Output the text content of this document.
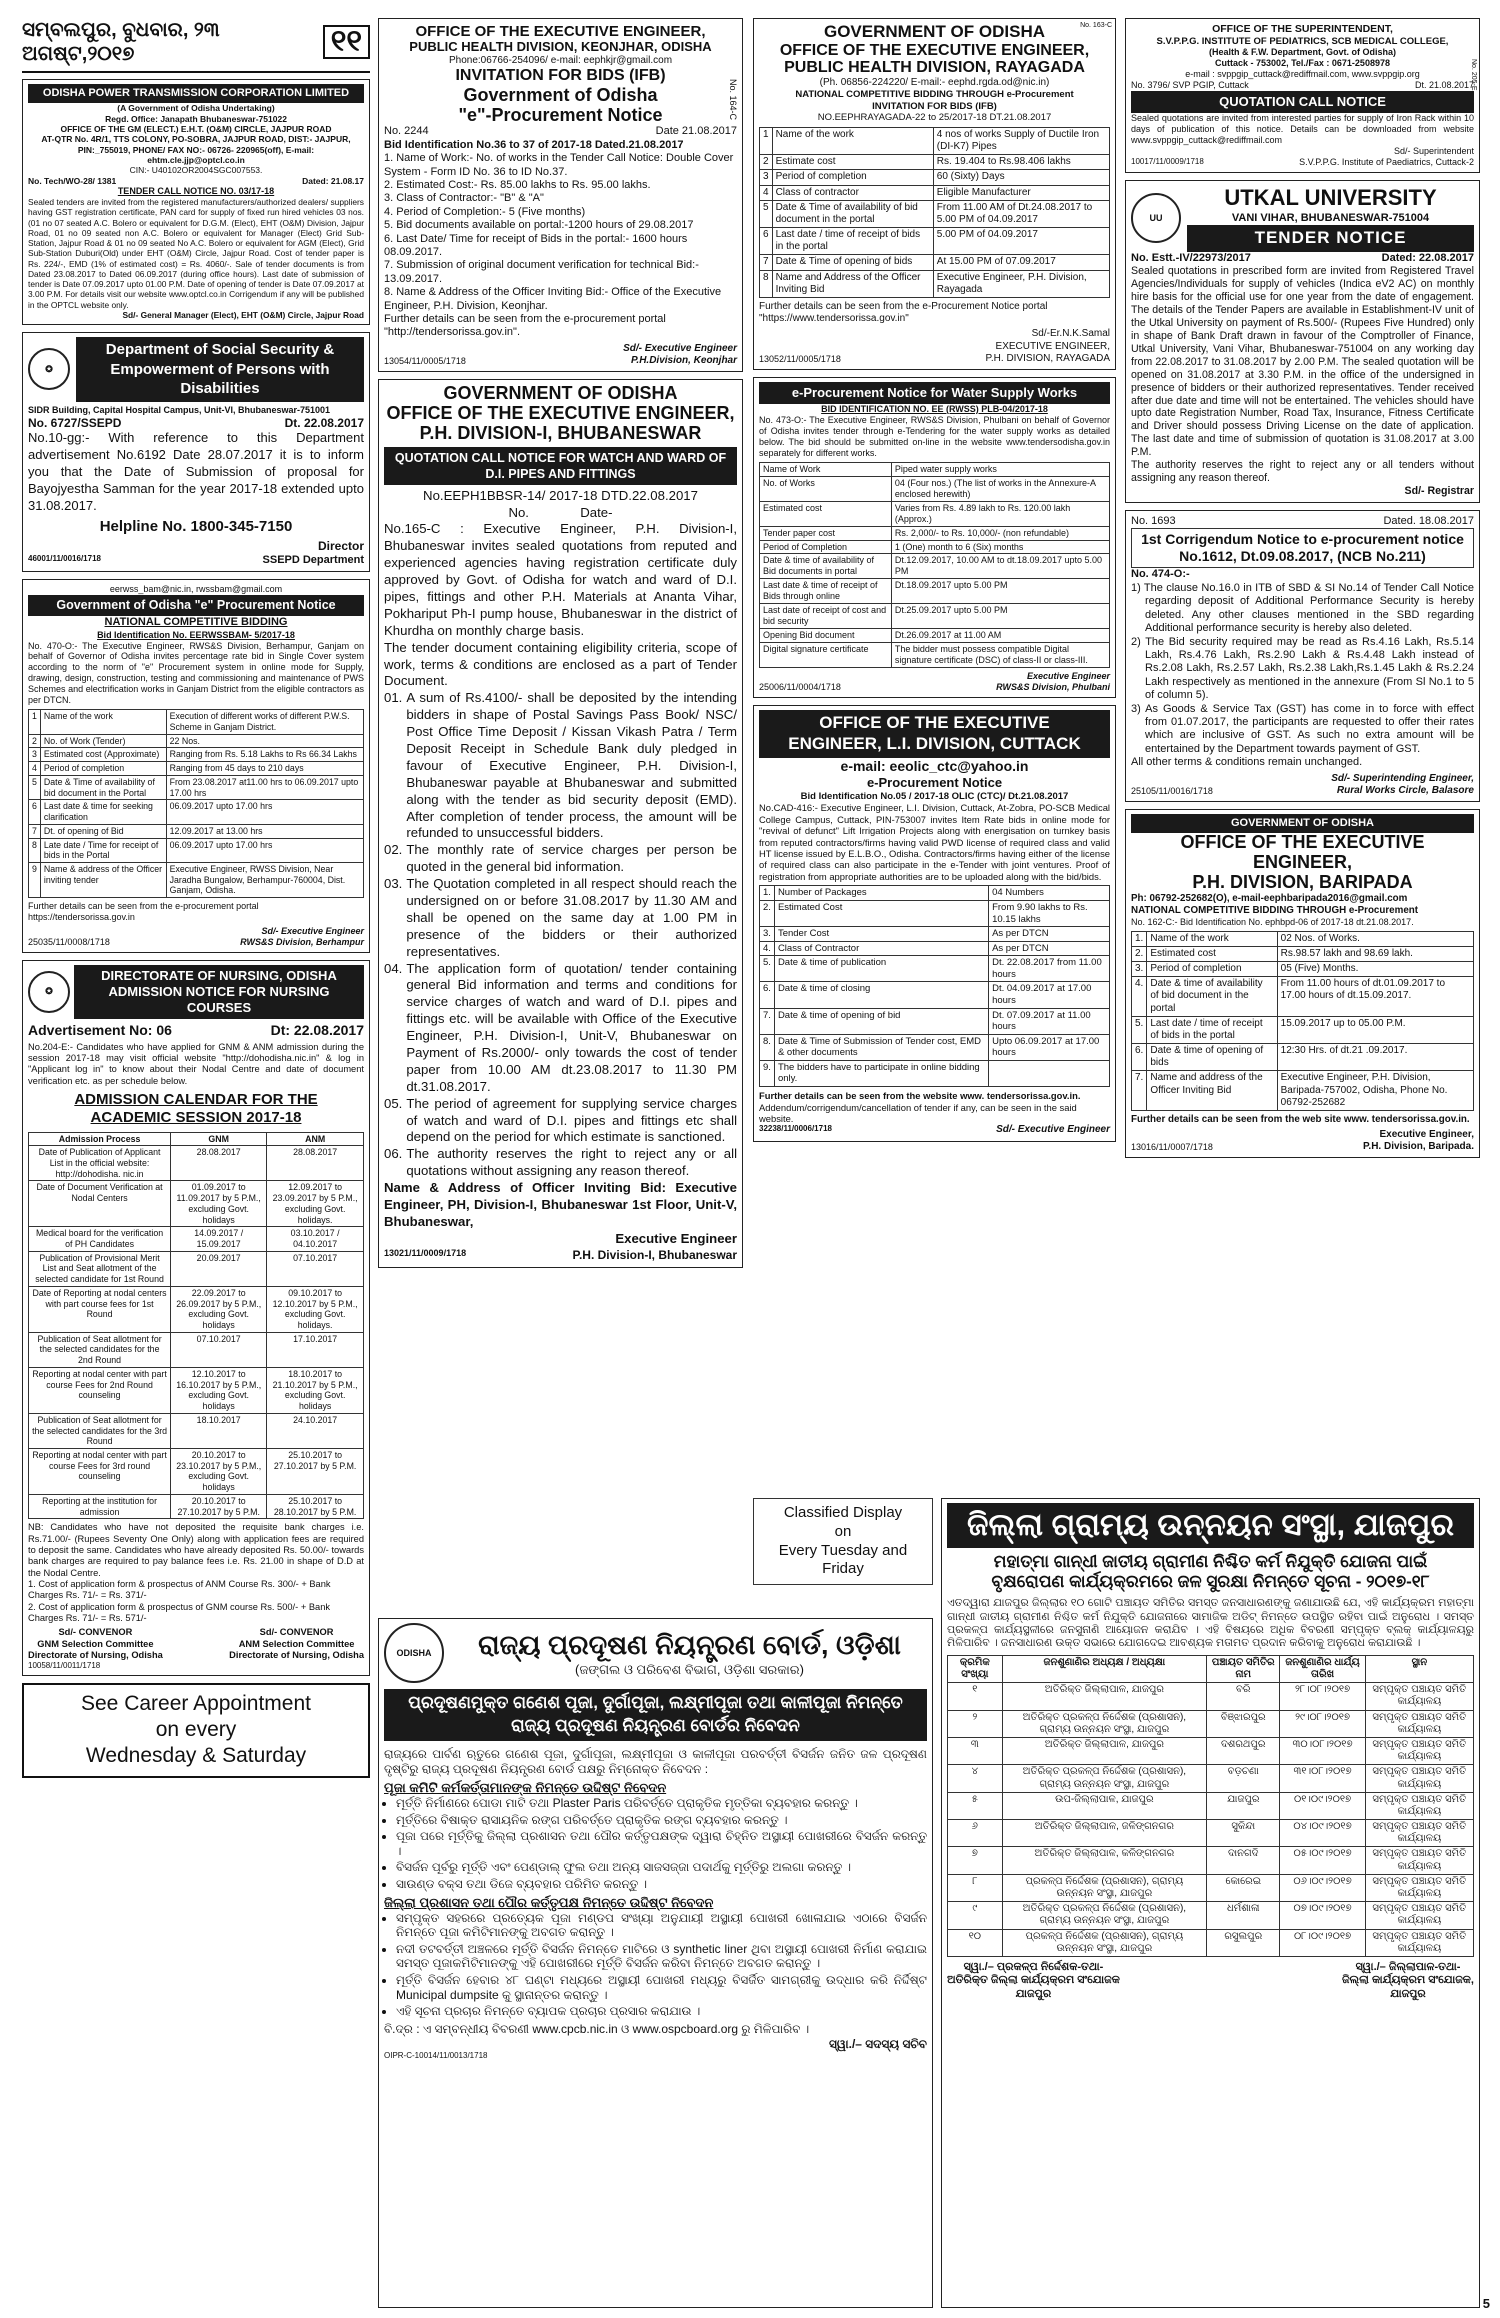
ସମ୍ବଲପୁର, ବୁଧବାର, ୨୩ ଅଗଷ୍ଟ,୨୦୧୭	୧୧
ODISHA POWER TRANSMISSION CORPORATION LIMITED
(A Government of Odisha Undertaking)
Regd. Office: Janapath Bhubaneswar-751022
OFFICE OF THE GM (ELECT.) E.H.T. (O&M) CIRCLE, JAJPUR ROAD
AT-QTR No. 4R/1, TTS COLONY, PO-SOBRA, JAJPUR ROAD, DIST:- JAJPUR,
PIN:_755019, PHONE/ FAX NO:- 06726- 220965(off), E-mail: ehtm.cle.jjp@optcl.co.in
CIN:- U40102OR2004SGC007553.
No. Tech/WO-28/ 1381	Dated: 21.08.17
TENDER CALL NOTICE NO. 03/17-18
Sealed tenders are invited from the registered manufacturers/authorized dealers/ suppliers having GST registration certificate, PAN card for supply of fixed run hired vehicles 03 nos. (01 no 07 seated A.C. Bolero or equivalent for D.G.M. (Elect), EHT (O&M) Division, Jajpur Road, 01 no 09 seated non A.C. Bolero or equivalent for Manager (Elect) Grid Sub-Station, Jajpur Road & 01 no 09 seated No A.C. Bolero or equivalent for AGM (Elect), Grid Sub-Station Duburi(Old) under EHT (O&M) Circle, Jajpur Road. Cost of tender paper is Rs. 224/-, EMD (1% of estimated cost) = Rs. 4060/-. Sale of tender documents is from Dated 23.08.2017 to Dated 06.09.2017 (during office hours). Last date of submission of tender is Date 07.09.2017 upto 01.00 P.M. Date of opening of tender is Date 07.09.2017 at 3.00 P.M. For details visit our website www.optcl.co.in Corrigendum if any will be published in the OPTCL website only.
Sd/- General Manager (Elect), EHT (O&M) Circle, Jajpur Road
✪
Department of Social Security &
Empowerment of Persons with Disabilities
SIDR Building, Capital Hospital Campus, Unit-VI, Bhubaneswar-751001
No. 6727/SSEPD	Dt. 22.08.2017
No.10-gg:- With reference to this Department advertisement No.6192 Date 28.07.2017 it is to inform you that the Date of Submission of proposal for Bayojyestha Samman for the year 2017-18 extended upto 31.08.2017.
Helpline No. 1800-345-7150
Director
46001/11/0016/1718	SSEPD Department
eerwss_bam@nic.in, rwssbam@gmail.com
Government of Odisha "e" Procurement Notice
NATIONAL COMPETITIVE BIDDING
Bid Identification No. EERWSSBAM- 5/2017-18
No. 470-O:- The Executive Engineer, RWS&S Division, Berhampur, Ganjam on behalf of Governor of Odisha invites percentage rate bid in Single Cover system according to the norm of "e" Procurement system in online mode for Supply, drawing, design, construction, testing and commissioning and maintenance of PWS Schemes and electrification works in Ganjam District from the eligible contractors as per DTCN.
1	Name of the work	Execution of different works of different P.W.S. Scheme in Ganjam District.
2	No. of Work (Tender)	22 Nos.
3	Estimated cost (Approximate)	Ranging from Rs. 5.18 Lakhs to Rs 66.34 Lakhs
4	Period of completion	Ranging from 45 days to 210 days
5	Date & Time of availability of bid document in the Portal	From 23.08.2017 at11.00 hrs to 06.09.2017 upto 17.00 hrs
6	Last date & time for seeking clarification	06.09.2017 upto 17.00 hrs
7	Dt. of opening of Bid	12.09.2017 at 13.00 hrs
8	Late date / Time for receipt of bids in the Portal	06.09.2017 upto 17.00 hrs
9	Name & address of the Officer inviting tender	Executive Engineer, RWSS Division, Near Jaradha Bungalow, Berhampur-760004, Dist. Ganjam, Odisha.
Further details can be seen from the e-procurement portal https://tendersorissa.gov.in
25035/11/0008/1718
Sd/- Executive Engineer
RWS&S Division, Berhampur
✪
DIRECTORATE OF NURSING, ODISHA
ADMISSION NOTICE FOR NURSING COURSES
Advertisement No: 06	Dt: 22.08.2017
No.204-E:- Candidates who have applied for GNM & ANM admission during the session 2017-18 may visit official website "http://dohodisha.nic.in" & log in "Applicant log in" to know about their Nodal Centre and date of document verification etc. as per schedule below.
ADMISSION CALENDAR FOR THE ACADEMIC SESSION 2017-18
Admission Process	GNM	ANM
Date of Publication of Applicant List in the official website: http://dohodisha. nic.in	28.08.2017	28.08.2017
Date of Document Verification at Nodal Centers	01.09.2017 to 11.09.2017 by 5 P.M., excluding Govt. holidays	12.09.2017 to 23.09.2017 by 5 P.M., excluding Govt. holidays.
Medical board for the verification of PH Candidates	14.09.2017 / 15.09.2017	03.10.2017 / 04.10.2017
Publication of Provisional Merit List and Seat allotment of the selected candidate for 1st Round	20.09.2017	07.10.2017
Date of Reporting at nodal centers with part course fees for 1st Round	22.09.2017 to 26.09.2017 by 5 P.M., excluding Govt. holidays	09.10.2017 to 12.10.2017 by 5 P.M., excluding Govt. holidays.
Publication of Seat allotment for the selected candidates for the 2nd Round	07.10.2017	17.10.2017
Reporting at nodal center with part course Fees for 2nd Round counseling	12.10.2017 to 16.10.2017 by 5 P.M., excluding Govt. holidays	18.10.2017 to 21.10.2017 by 5 P.M., excluding Govt. holidays
Publication of Seat allotment for the selected candidates for the 3rd Round	18.10.2017	24.10.2017
Reporting at nodal center with part course Fees for 3rd round counseling	20.10.2017 to 23.10.2017 by 5 P.M., excluding Govt. holidays	25.10.2017 to 27.10.2017 by 5 P.M.
Reporting at the institution for admission	20.10.2017 to 27.10.2017 by 5 P.M.	25.10.2017 to 28.10.2017 by 5 P.M.
NB: Candidates who have not deposited the requisite bank charges i.e. Rs.71.00/- (Rupees Seventy One Only) along with application fees are required to deposit the same. Candidates who have already deposited Rs. 50.00/- towards bank charges are required to pay balance fees i.e. Rs. 21.00 in shape of D.D at the Nodal Centre.
1. Cost of application form & prospectus of ANM Course Rs. 300/- + Bank Charges Rs. 71/- = Rs. 371/-
2. Cost of application form & prospectus of GNM course Rs. 500/- + Bank Charges Rs. 71/- = Rs. 571/-
Sd/- CONVENOR
GNM Selection Committee
Directorate of Nursing, Odisha
Sd/- CONVENOR
ANM Selection Committee
Directorate of Nursing, Odisha
10058/11/0011/1718
See Career Appointment
on every
Wednesday & Saturday
OFFICE OF THE EXECUTIVE ENGINEER,
PUBLIC HEALTH DIVISION, KEONJHAR, ODISHA
Phone:06766-254096/ e-mail: eephkjr@gmail.com
INVITATION FOR BIDS (IFB)
Government of Odisha
"e"-Procurement Notice
No. 2244	Date 21.08.2017
Bid Identification No.36 to 37 of 2017-18 Dated.21.08.2017
1. Name of Work:- No. of works in the Tender Call Notice: Double Cover System - Form ID No. 36 to ID No.37.
2. Estimated Cost:- Rs. 85.00 lakhs to Rs. 95.00 lakhs.
3. Class of Contractor:- "B" & "A"
4. Period of Completion:- 5 (Five months)
5. Bid documents available on portal:-1200 hours of 29.08.2017
6. Last Date/ Time for receipt of Bids in the portal:- 1600 hours 08.09.2017.
7. Submission of original document verification for technical Bid:- 13.09.2017.
8. Name & Address of the Officer Inviting Bid:- Office of the Executive Engineer, P.H. Division, Keonjhar.
Further details can be seen from the e-procurement portal "http://tendersorissa.gov.in".
13054/11/0005/1718
Sd/- Executive Engineer
P.H.Division, Keonjhar
No. 164-C
GOVERNMENT OF ODISHA
OFFICE OF THE EXECUTIVE ENGINEER,
P.H. DIVISION-I, BHUBANESWAR
QUOTATION CALL NOTICE FOR WATCH AND WARD OF D.I. PIPES AND FITTINGS
No.EEPH1BBSR-14/ 2017-18 DTD.22.08.2017
No.              Date-
No.165-C : Executive Engineer, P.H. Division-I, Bhubaneswar invites sealed quotations from reputed and experienced agencies having registration certificate duly approved by Govt. of Odisha for watch and ward of D.I. pipes, fittings and other P.H. Materials at Ananta Vihar, Pokhariput Ph-I pump house, Bhubaneswar in the district of Khurdha on monthly charge basis.
The tender document containing eligibility criteria, scope of work, terms & conditions are enclosed as a part of Tender Document.
01. A sum of Rs.4100/- shall be deposited by the intending bidders in shape of Postal Savings Pass Book/ NSC/ Post Office Time Deposit / Kissan Vikash Patra / Term Deposit Receipt in Schedule Bank duly pledged in favour of Executive Engineer, P.H. Division-I, Bhubaneswar payable at Bhubaneswar and submitted along with the tender as bid security deposit (EMD). After completion of tender process, the amount will be refunded to unsuccessful bidders.
02. The monthly rate of service charges per person be quoted in the general bid information.
03. The Quotation completed in all respect should reach the undersigned on or before 31.08.2017 by 11.30 AM and shall be opened on the same day at 1.00 PM in presence of the bidders or their authorized representatives.
04. The application form of quotation/ tender containing general Bid information and terms and conditions for service charges of watch and ward of D.I. pipes and fittings etc. will be available with Office of the Executive Engineer, P.H. Division-I, Unit-V, Bhubaneswar on Payment of Rs.2000/- only towards the cost of tender paper from 10.00 AM dt.23.08.2017 to 11.30 PM dt.31.08.2017.
05. The period of agreement for supplying service charges of watch and ward of D.I. pipes and fittings etc shall depend on the period for which estimate is sanctioned.
06. The authority reserves the right to reject any or all quotations without assigning any reason thereof.
Name & Address of Officer Inviting Bid: Executive Engineer, PH, Division-I, Bhubaneswar 1st Floor, Unit-V, Bhubaneswar,
Executive Engineer
13021/11/0009/1718	P.H. Division-I, Bhubaneswar
GOVERNMENT OF ODISHA
OFFICE OF THE EXECUTIVE ENGINEER,
PUBLIC HEALTH DIVISION, RAYAGADA
(Ph. 06856-224220/ E-mail:- eephd.rgda.od@nic.in)
NATIONAL COMPETITIVE BIDDING THROUGH e-Procurement
INVITATION FOR BIDS (IFB)
NO.EEPHRAYAGADA-22 to 25/2017-18 DT.21.08.2017
1	Name of the work	4 nos of works Supply of Ductile Iron (DI-K7) Pipes
2	Estimate cost	Rs. 19.404 to Rs.98.406 lakhs
3	Period of completion	60 (Sixty) Days
4	Class of contractor	Eligible Manufacturer
5	Date & Time of availability of bid document in the portal	From 11.00 AM of Dt.24.08.2017 to 5.00 PM of 04.09.2017
6	Last date / time of receipt of bids in the portal	5.00 PM of 04.09.2017
7	Date & Time of opening of bids	At 15.00 PM of 07.09.2017
8	Name and Address of the Officer Inviting Bid	Executive Engineer, P.H. Division, Rayagada
Further details can be seen from the e-Procurement Notice portal "https://www.tendersorissa.gov.in"
13052/11/0005/1718
Sd/-Er.N.K.Samal
EXECUTIVE ENGINEER,
P.H. DIVISION, RAYAGADA
No. 163-C
e-Procurement Notice for Water Supply Works
BID IDENTIFICATION NO. EE (RWSS) PLB-04/2017-18
No. 473-O:- The Executive Engineer, RWS&S Division, Phulbani on behalf of Governor of Odisha invites tender through e-Tendering for the water supply works as detailed below. The bid should be submitted on-line in the website www.tendersodisha.gov.in separately for different works.
Name of Work	Piped water supply works
No. of Works	04 (Four nos.) (The list of works in the Annexure-A enclosed herewith)
Estimated cost	Varies from Rs. 4.89 lakh to Rs. 120.00 lakh (Approx.)
Tender paper cost	Rs. 2,000/- to Rs. 10,000/- (non refundable)
Period of Completion	1 (One) month to 6 (Six) months
Date & time of availability of Bid documents in portal	Dt.12.09.2017, 10.00 AM to dt.18.09.2017 upto 5.00 PM
Last date & time of receipt of Bids through online	Dt.18.09.2017 upto 5.00 PM
Last date of receipt of cost and bid security	Dt.25.09.2017 upto 5.00 PM
Opening Bid document	Dt.26.09.2017 at 11.00 AM
Digital signature certificate	The bidder must possess compatible Digital signature certificate (DSC) of class-II or class-III.
25006/11/0004/1718
Executive Engineer
RWS&S Division, Phulbani
OFFICE OF THE EXECUTIVE
ENGINEER, L.I. DIVISION, CUTTACK
e-mail: eeolic_ctc@yahoo.in
e-Procurement Notice
Bid Identification No.05 / 2017-18 OLIC (CTC)/ Dt.21.08.2017
No.CAD-416:- Executive Engineer, L.I. Division, Cuttack, At-Zobra, PO-SCB Medical College Campus, Cuttack, PIN-753007 invites Item Rate bids in online mode for "revival of defunct" Lift Irrigation Projects along with energisation on turnkey basis from reputed contractors/firms having valid PWD license of required class and valid HT license issued by E.L.B.O., Odisha. Contractors/firms having either of the license of required class can also participate in the e-Tender with joint ventures. Proof of registration from appropriate authorities are to be uploaded along with the bid/bids.
1.	Number of Packages	04 Numbers
2.	Estimated Cost	From 9.90 lakhs to Rs. 10.15 lakhs
3.	Tender Cost	As per DTCN
4.	Class of Contractor	As per DTCN
5.	Date & time of publication	Dt. 22.08.2017 from 11.00 hours
6.	Date & time of closing	Dt. 04.09.2017 at 17.00 hours
7.	Date & time of opening of bid	Dt. 07.09.2017 at 11.00 hours
8.	Date & Time of Submission of Tender cost, EMD & other documents	Upto 06.09.2017 at 17.00 hours
9.	The bidders have to participate in online bidding only.	
Further details can be seen from the website www. tendersorissa.gov.in.
Addendum/corrigendum/cancellation of tender if any, can be seen in the said website.
32238/11/0006/1718	Sd/- Executive Engineer
OFFICE OF THE SUPERINTENDENT,
S.V.P.P.G. INSTITUTE OF PEDIATRICS, SCB MEDICAL COLLEGE,
(Health & F.W. Department, Govt. of Odisha)
Cuttack - 753002, Tel./Fax : 0671-2508978
e-mail : svppgip_cuttack@rediffmail.com, www.svppgip.org
No. 3796/ SVP PGIP, Cuttack	Dt. 21.08.2017
QUOTATION CALL NOTICE
Sealed quotations are invited from interested parties for supply of Iron Rack within 10 days of publication of this notice. Details can be downloaded from website www.svppgip_cuttack@rediffmail.com
Sd/- Superintendent
10017/11/0009/1718	S.V.P.P.G. Institute of Paediatrics, Cuttack-2
No. 205-E
UU
UTKAL UNIVERSITY
VANI VIHAR, BHUBANESWAR-751004
TENDER NOTICE
No. Estt.-IV/22973/2017	Dated: 22.08.2017
Sealed quotations in prescribed form are invited from Registered Travel Agencies/Individuals for supply of vehicles (Indica eV2 AC) on monthly hire basis for the official use for one year from the date of engagement. The details of the Tender Papers are available in Establishment-IV unit of the Utkal University on payment of Rs.500/- (Rupees Five Hundred) only in shape of Bank Draft drawn in favour of the Comptroller of Finance, Utkal University, Vani Vihar, Bhubaneswar-751004 on any working day from 22.08.2017 to 31.08.2017 by 2.00 P.M. The sealed quotation will be opened on 31.08.2017 at 3.30 P.M. in the office of the undersigned in presence of bidders or their authorized representatives. Tender received after due date and time will not be entertained. The vehicles should have upto date Registration Number, Road Tax, Insurance, Fitness Certificate and Driver should possess Driving License on the date of application. The last date and time of submission of quotation is 31.08.2017 at 3.00 P.M.
The authority reserves the right to reject any or all tenders without assigning any reason thereof.
Sd/- Registrar
No. 1693	Dated. 18.08.2017
1st Corrigendum Notice to e-procurement notice No.1612, Dt.09.08.2017, (NCB No.211)
No. 474-O:-
1) The clause No.16.0 in ITB of SBD & SI No.14 of Tender Call Notice regarding deposit of Additional Performance Security is hereby deleted. Any other clauses mentioned in the SBD regarding Additional performance security is hereby also deleted.
2) The Bid security required may be read as Rs.4.16 Lakh, Rs.5.14 Lakh, Rs.4.76 Lakh, Rs.2.90 Lakh & Rs.4.48 Lakh instead of Rs.2.08 Lakh, Rs.2.57 Lakh, Rs.2.38 Lakh,Rs.1.45 Lakh & Rs.2.24 Lakh respectively as mentioned in the annexure (From Sl No.1 to 5 of column 5).
3) As Goods & Service Tax (GST) has come in to force with effect from 01.07.2017, the participants are requested to offer their rates which are inclusive of GST. As such no extra amount will be entertained by the Department towards payment of GST.
All other terms & conditions remain unchanged.
25105/11/0016/1718
Sd/- Superintending Engineer,
Rural Works Circle, Balasore
GOVERNMENT OF ODISHA
OFFICE OF THE EXECUTIVE ENGINEER,
P.H. DIVISION, BARIPADA
Ph: 06792-252682(O), e-mail-eephbaripada2016@gmail.com
NATIONAL COMPETITIVE BIDDING THROUGH e-Procurement
No. 162-C:- Bid Identification No. ephbpd-06 of 2017-18 dt.21.08.2017.
1.	Name of the work	02 Nos. of Works.
2.	Estimated cost	Rs.98.57 lakh and 98.69 lakh.
3.	Period of completion	05 (Five) Months.
4.	Date & time of availability of bid document in the portal	From 11.00 hours of dt.01.09.2017 to 17.00 hours of dt.15.09.2017.
5.	Last date / time of receipt of bids in the portal	15.09.2017 up to 05.00 P.M.
6.	Date & time of opening of bids	12:30 Hrs. of dt.21 .09.2017.
7.	Name and address of the Officer Inviting Bid	Executive Engineer, P.H. Division, Baripada-757002, Odisha, Phone No. 06792-252682
Further details can be seen from the web site www. tendersorissa.gov.in.
13016/11/0007/1718
Executive Engineer,
P.H. Division, Baripada.
Classified Display
on
Every Tuesday and
Friday
ODISHA	ରାଜ୍ୟ ପ୍ରଦୂଷଣ ନିୟନ୍ତ୍ରଣ ବୋର୍ଡ, ଓଡ଼ିଶା
(ଜଙ୍ଗଲ ଓ ପରିବେଶ ବିଭାଗ, ଓଡ଼ିଶା ସରକାର)
ପ୍ରଦୂଷଣମୁକ୍ତ ଗଣେଶ ପୂଜା, ଦୁର୍ଗାପୂଜା, ଲକ୍ଷ୍ମୀପୂଜା ତଥା କାଳୀପୂଜା ନିମନ୍ତେ ରାଜ୍ୟ ପ୍ରଦୂଷଣ ନିୟନ୍ତ୍ରଣ ବୋର୍ଡର ନିବେଦନ
ରାଜ୍ୟରେ ପାର୍ବଣ ଋତୁରେ ଗଣେଶ ପୂଜା, ଦୁର୍ଗାପୂଜା, ଲକ୍ଷ୍ମୀପୂଜା ଓ କାଳୀପୂଜା ପରବର୍ତ୍ତୀ ବିସର୍ଜନ ଜନିତ ଜଳ ପ୍ରଦୂଷଣ ଦୃଷ୍ଟିରୁ ରାଜ୍ୟ ପ୍ରଦୂଷଣ ନିୟନ୍ତ୍ରଣ ବୋର୍ଡ ପକ୍ଷରୁ ନିମ୍ନୋକ୍ତ ନିବେଦନ :
ପୂଜା କମିଟି କର୍ମକର୍ତ୍ତାମାନଙ୍କ ନିମନ୍ତେ ଉଦ୍ଦିଷ୍ଟ ନିବେଦନ
• ମୂର୍ତ୍ତି ନିର୍ମାଣରେ ପୋଡା ମାଟି ତଥା Plaster Paris ପରିବର୍ତ୍ତେ ପ୍ରାକୃତିକ ମୃତ୍ତିକା ବ୍ୟବହାର କରନ୍ତୁ ।
• ମୂର୍ତ୍ତିରେ ବିଷାକ୍ତ ରାସାୟନିକ ରଙ୍ଗ ପରିବର୍ତ୍ତେ ପ୍ରାକୃତିକ ରଙ୍ଗ ବ୍ୟବହାର କରନ୍ତୁ ।
• ପୂଜା ପରେ ମୂର୍ତ୍ତିକୁ ଜିଲ୍ଲା ପ୍ରଶାସନ ତଥା ପୌର କର୍ତ୍ତୃପକ୍ଷଙ୍କ ଦ୍ୱାରା ଚିହ୍ନିତ ଅସ୍ଥାୟୀ ପୋଖରୀରେ ବିସର୍ଜନ କରନ୍ତୁ ।
• ବିସର୍ଜନ ପୂର୍ବରୁ ମୂର୍ତ୍ତି ଏବଂ ପେଣ୍ଡାଲ୍ ଫୁଲ ତଥା ଅନ୍ୟ ସାଜସଜ୍ଜା ପଦାର୍ଥକୁ ମୂର୍ତ୍ତିରୁ ଅଲଗା କରନ୍ତୁ ।
• ସାଉଣ୍ଡ ବକ୍ସ ତଥା ଡିଜେ ବ୍ୟବହାର ପରିମିତ କରନ୍ତୁ ।
ଜିଲ୍ଲା ପ୍ରଶାସନ ତଥା ପୌର କର୍ତ୍ତୃପକ୍ଷ ନିମନ୍ତେ ଉଦ୍ଦିଷ୍ଟ ନିବେଦନ
• ସମ୍ପୃକ୍ତ ସହରରେ ପ୍ରତ୍ୟେକ ପୂଜା ମଣ୍ଡପ ସଂଖ୍ୟା ଅନୁଯାୟୀ ଅସ୍ଥାୟୀ ପୋଖରୀ ଖୋଳାଯାଇ ଏଠାରେ ବିସର୍ଜନ ନିମନ୍ତେ ପୂଜା କମିଟିମାନଙ୍କୁ ଅବଗତ କରାନ୍ତୁ ।
• ନଦୀ ତଟବର୍ତ୍ତୀ ଅଞ୍ଚଳରେ ମୂର୍ତ୍ତି ବିସର୍ଜନ ନିମନ୍ତେ ମାଟିରେ ଓ synthetic liner ଥିବା ଅସ୍ଥାୟୀ ପୋଖରୀ ନିର୍ମାଣ କରାଯାଇ ସମସ୍ତ ପୂଜାକମିଟିମାନଙ୍କୁ ଏହି ପୋଖରୀରେ ମୂର୍ତ୍ତି ବିସର୍ଜନ କରିବା ନିମନ୍ତେ ଅବଗତ କରାନ୍ତୁ ।
• ମୂର୍ତ୍ତି ବିସର୍ଜନ ହେବାର ୪୮ ଘଣ୍ଟା ମଧ୍ୟରେ ଅସ୍ଥାୟୀ ପୋଖରୀ ମଧ୍ୟରୁ ବିସର୍ଜିତ ସାମଗ୍ରୀକୁ ଉଦ୍ଧାର କରି ନିର୍ଦ୍ଦିଷ୍ଟ Municipal dumpsite କୁ ସ୍ଥାନାନ୍ତର କରାନ୍ତୁ ।
• ଏହି ସୂଚନା ପ୍ରଚାର ନିମନ୍ତେ ବ୍ୟାପକ ପ୍ରଚାର ପ୍ରସାର କରାଯାଉ ।
ବି.ଦ୍ର : ଏ ସମ୍ବନ୍ଧୀୟ ବିବରଣୀ www.cpcb.nic.in ଓ www.ospcboard.org ରୁ ମିଳିପାରିବ ।
ସ୍ୱା./– ସଦସ୍ୟ ସଚିବ
OIPR-C-10014/11/0013/1718
ଜିଲ୍ଲା ଗ୍ରାମ୍ୟ ଉନ୍ନୟନ ସଂସ୍ଥା, ଯାଜପୁର
ମହାତ୍ମା ଗାନ୍ଧୀ ଜାତୀୟ ଗ୍ରାମୀଣ ନିଶ୍ଚିତ କର୍ମ ନିଯୁକ୍ତି ଯୋଜନା ପାଇଁ
ବୃକ୍ଷରୋପଣ କାର୍ଯ୍ୟକ୍ରମରେ ଜଳ ସୁରକ୍ଷା ନିମନ୍ତେ ସୂଚନା - ୨୦୧୭-୧୮
ଏତଦ୍ୱାରା ଯାଜପୁର ଜିଲ୍ଲାର ୧୦ ଗୋଟି ପଞ୍ଚାୟତ ସମିତିର ସମସ୍ତ ଜନସାଧାରଣଙ୍କୁ ଜଣାଯାଉଛି ଯେ, ଏହି କାର୍ଯ୍ୟକ୍ରମ ମହାତ୍ମା ଗାନ୍ଧୀ ଜାତୀୟ ଗ୍ରାମୀଣ ନିଶ୍ଚିତ କର୍ମ ନିଯୁକ୍ତି ଯୋଜନାରେ ସାମାଜିକ ଅଡିଟ୍ ନିମନ୍ତେ ଉପସ୍ଥିତ ରହିବା ପାଇଁ ଅନୁରୋଧ । ସମସ୍ତ ପ୍ରକଳ୍ପ କାର୍ଯ୍ୟସ୍ଥଳୀରେ ଜନସୁନାଣି ଆୟୋଜନ କରାଯିବ । ଏହି ବିଷୟରେ ଅଧିକ ବିବରଣୀ ସମ୍ପୃକ୍ତ ବ୍ଲକ୍ କାର୍ଯ୍ୟାଳୟରୁ ମିଳିପାରିବ । ଜନସାଧାରଣ ଉକ୍ତ ସଭାରେ ଯୋଗଦେଇ ଆବଶ୍ୟକ ମତାମତ ପ୍ରଦାନ କରିବାକୁ ଅନୁରୋଧ କରାଯାଉଛି ।
କ୍ରମିକ ସଂଖ୍ୟା	ଜନଶୁଣାଣିର ଅଧ୍ୟକ୍ଷ / ଅଧ୍ୟକ୍ଷା	ପଞ୍ଚାୟତ ସମିତିର ନାମ	ଜନଶୁଣାଣିର ଧାର୍ଯ୍ୟ ତାରିଖ	ସ୍ଥାନ
୧	ଅତିରିକ୍ତ ଜିଲ୍ଲାପାଳ, ଯାଜପୁର	ବରି	୨୮।୦୮।୨୦୧୭	ସମ୍ପୃକ୍ତ ପଞ୍ଚାୟତ ସମିତି କାର୍ଯ୍ୟାଳୟ
୨	ଅତିରିକ୍ତ ପ୍ରକଳ୍ପ ନିର୍ଦ୍ଦେଶକ (ପ୍ରଶାସନ), ଗ୍ରାମ୍ୟ ଉନ୍ନୟନ ସଂସ୍ଥା, ଯାଜପୁର	ବିଞ୍ଝାରପୁର	୨୯।୦୮।୨୦୧୭	ସମ୍ପୃକ୍ତ ପଞ୍ଚାୟତ ସମିତି କାର୍ଯ୍ୟାଳୟ
୩	ଅତିରିକ୍ତ ଜିଲ୍ଲାପାଳ, ଯାଜପୁର	ଦଶରଥପୁର	୩୦।୦୮।୨୦୧୭	ସମ୍ପୃକ୍ତ ପଞ୍ଚାୟତ ସମିତି କାର୍ଯ୍ୟାଳୟ
୪	ଅତିରିକ୍ତ ପ୍ରକଳ୍ପ ନିର୍ଦ୍ଦେଶକ (ପ୍ରଶାସନ), ଗ୍ରାମ୍ୟ ଉନ୍ନୟନ ସଂସ୍ଥା, ଯାଜପୁର	ବଡ଼ଚଣା	୩୧।୦୮।୨୦୧୭	ସମ୍ପୃକ୍ତ ପଞ୍ଚାୟତ ସମିତି କାର୍ଯ୍ୟାଳୟ
୫	ଉପ-ଜିଲ୍ଲାପାଳ, ଯାଜପୁର	ଯାଜପୁର	୦୧।୦୯।୨୦୧୭	ସମ୍ପୃକ୍ତ ପଞ୍ଚାୟତ ସମିତି କାର୍ଯ୍ୟାଳୟ
୬	ଅତିରିକ୍ତ ଜିଲ୍ଲାପାଳ, ଜଳିଙ୍ଗନଗର	ସୁକିନ୍ଦା	୦୪।୦୯।୨୦୧୭	ସମ୍ପୃକ୍ତ ପଞ୍ଚାୟତ ସମିତି କାର୍ଯ୍ୟାଳୟ
୭	ଅତିରିକ୍ତ ଜିଲ୍ଲାପାଳ, କଳିଙ୍ଗନଗର	ଦାନଗଦି	୦୫।୦୯।୨୦୧୭	ସମ୍ପୃକ୍ତ ପଞ୍ଚାୟତ ସମିତି କାର୍ଯ୍ୟାଳୟ
୮	ପ୍ରକଳ୍ପ ନିର୍ଦ୍ଦେଶକ (ପ୍ରଶାସନ), ଗ୍ରାମ୍ୟ ଉନ୍ନୟନ ସଂସ୍ଥା, ଯାଜପୁର	କୋରେଇ	୦୬।୦୯।୨୦୧୭	ସମ୍ପୃକ୍ତ ପଞ୍ଚାୟତ ସମିତି କାର୍ଯ୍ୟାଳୟ
୯	ଅତିରିକ୍ତ ପ୍ରକଳ୍ପ ନିର୍ଦ୍ଦେଶକ (ପ୍ରଶାସନ), ଗ୍ରାମ୍ୟ ଉନ୍ନୟନ ସଂସ୍ଥା, ଯାଜପୁର	ଧର୍ମଶାଳା	୦୭।୦୯।୨୦୧୭	ସମ୍ପୃକ୍ତ ପଞ୍ଚାୟତ ସମିତି କାର୍ଯ୍ୟାଳୟ
୧୦	ପ୍ରକଳ୍ପ ନିର୍ଦ୍ଦେଶକ (ପ୍ରଶାସନ), ଗ୍ରାମ୍ୟ ଉନ୍ନୟନ ସଂସ୍ଥା, ଯାଜପୁର	ରସୁଲପୁର	୦୮।୦୯।୨୦୧୭	ସମ୍ପୃକ୍ତ ପଞ୍ଚାୟତ ସମିତି କାର୍ଯ୍ୟାଳୟ
ସ୍ୱା./– ପ୍ରକଳ୍ପ ନିର୍ଦ୍ଦେଶକ-ତଥା-
ଅତିରିକ୍ତ ଜିଲ୍ଲା କାର୍ଯ୍ୟକ୍ରମ ସଂଯୋଜକ
ଯାଜପୁର
ସ୍ୱା./– ଜିଲ୍ଲାପାଳ-ତଥା-
ଜିଲ୍ଲା କାର୍ଯ୍ୟକ୍ରମ ସଂଯୋଜକ,
ଯାଜପୁର
5
